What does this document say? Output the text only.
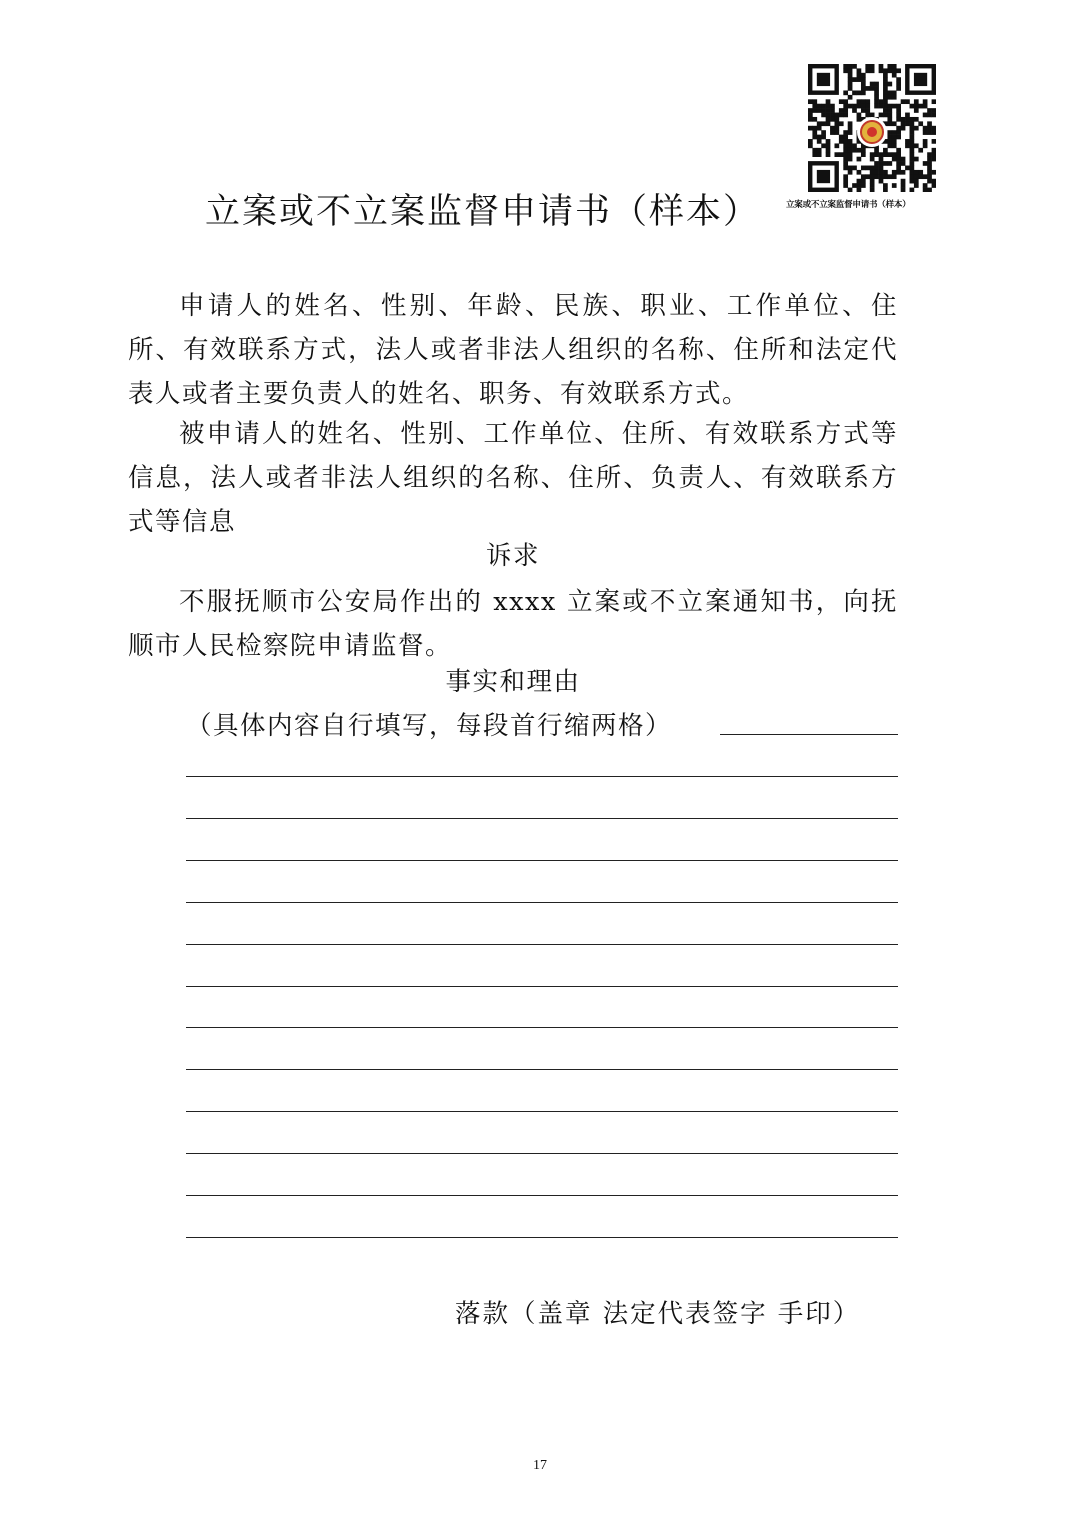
立案或不立案监督申请书（样本）
立案或不立案监督申请书（样本）

申请人的姓名、性别、年龄、民族、职业、工作单位、住所、有效联系方式，法人或者非法人组织的名称、住所和法定代表人或者主要负责人的姓名、职务、有效联系方式。

被申请人的姓名、性别、工作单位、住所、有效联系方式等信息，法人或者非法人组织的名称、住所、负责人、有效联系方式等信息

诉求

不服抚顺市公安局作出的 xxxx 立案或不立案通知书，向抚顺市人民检察院申请监督。

事实和理由
（具体内容自行填写，每段首行缩两格）
落款（盖章 法定代表签字 手印）
17
